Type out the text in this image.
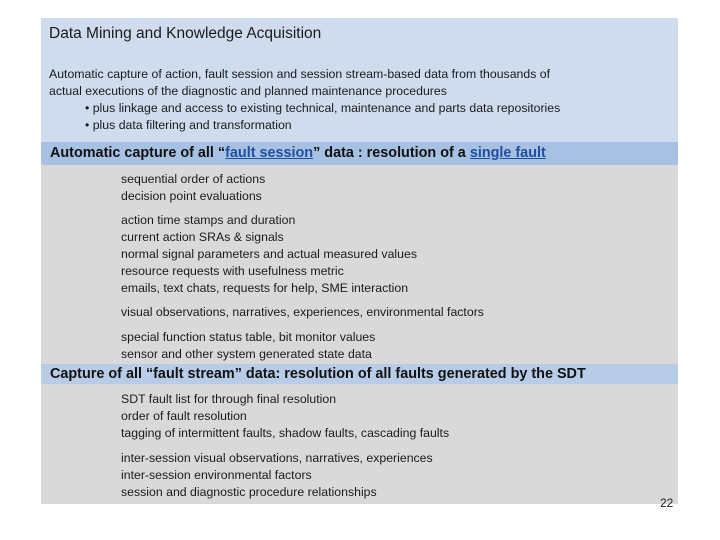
Data Mining and Knowledge Acquisition
Automatic capture of action, fault session and session stream-based data from thousands of
actual executions of the diagnostic and planned maintenance procedures
• plus linkage and access to existing technical, maintenance and parts data repositories
• plus data filtering and transformation
Automatic capture of all “fault session” data : resolution of a single fault
sequential order of actions
decision point evaluations
action time stamps and duration
current action SRAs & signals
normal signal parameters and actual measured values
resource requests with usefulness metric
emails, text chats, requests for help, SME interaction
visual observations, narratives, experiences, environmental factors
special function status table, bit monitor values
sensor and other system generated state data
Capture of all “fault stream” data: resolution of all faults generated by the SDT
SDT fault list for through final resolution
order of fault resolution
tagging of intermittent faults, shadow faults, cascading faults
inter-session visual observations, narratives, experiences
inter-session environmental factors
session and diagnostic procedure relationships
22
